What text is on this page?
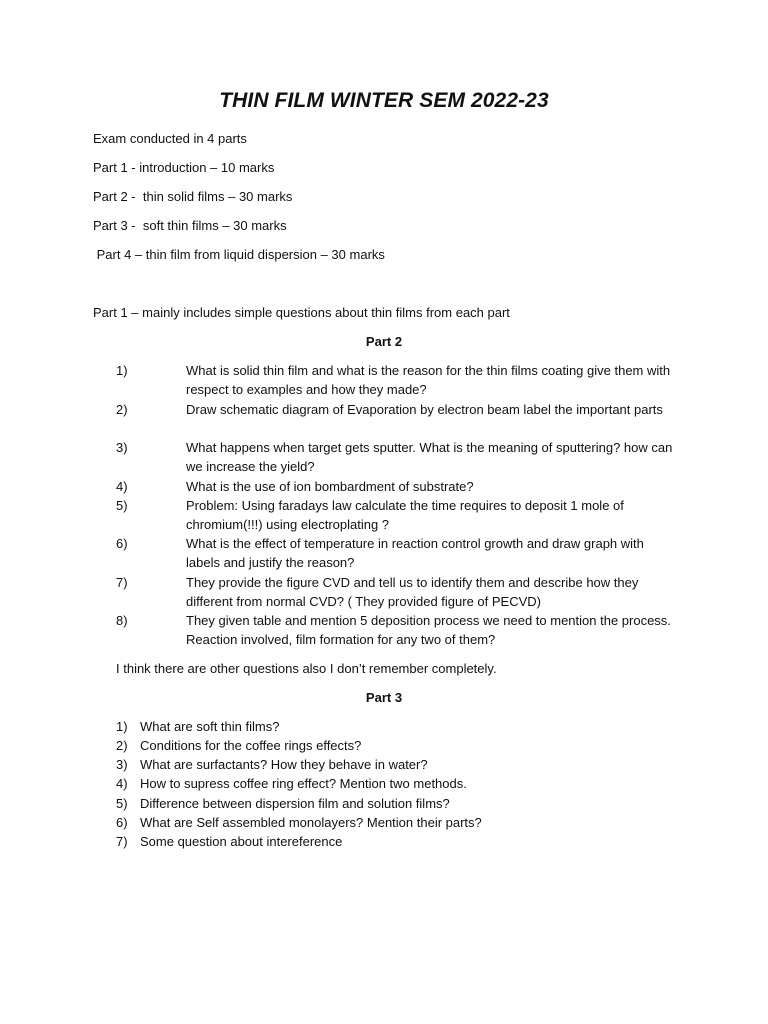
THIN FILM WINTER SEM 2022-23
Exam conducted in 4 parts
Part 1 - introduction – 10 marks
Part 2 -  thin solid films – 30 marks
Part 3 -  soft thin films – 30 marks
Part 4 – thin film from liquid dispersion – 30 marks
Part 1 – mainly includes simple questions about thin films from each part
Part 2
1)	What is solid thin film and what is the reason for the thin films coating give them with respect to examples and how they made?
2)	Draw schematic diagram of Evaporation by electron beam label the important parts
3)	What happens when target gets sputter. What is the meaning of sputtering? how can we increase the yield?
4)	What is the use of ion bombardment of substrate?
5)	Problem: Using faradays law calculate the time requires to deposit 1 mole of chromium(!!!) using electroplating ?
6)	What is the effect of temperature in reaction control growth and draw graph with labels and justify the reason?
7)	They provide the figure CVD and tell us to identify them and describe how they different from normal CVD? ( They provided figure of PECVD)
8)	They given table and mention 5 deposition process we need to mention the process. Reaction involved, film formation for any two of them?
I think there are other questions also I don’t remember completely.
Part 3
1) What are soft thin films?
2) Conditions for the coffee rings effects?
3) What are surfactants? How they behave in water?
4) How to supress coffee ring effect? Mention two methods.
5) Difference between dispersion film and solution films?
6) What are Self assembled monolayers? Mention their parts?
7) Some question about intereference
